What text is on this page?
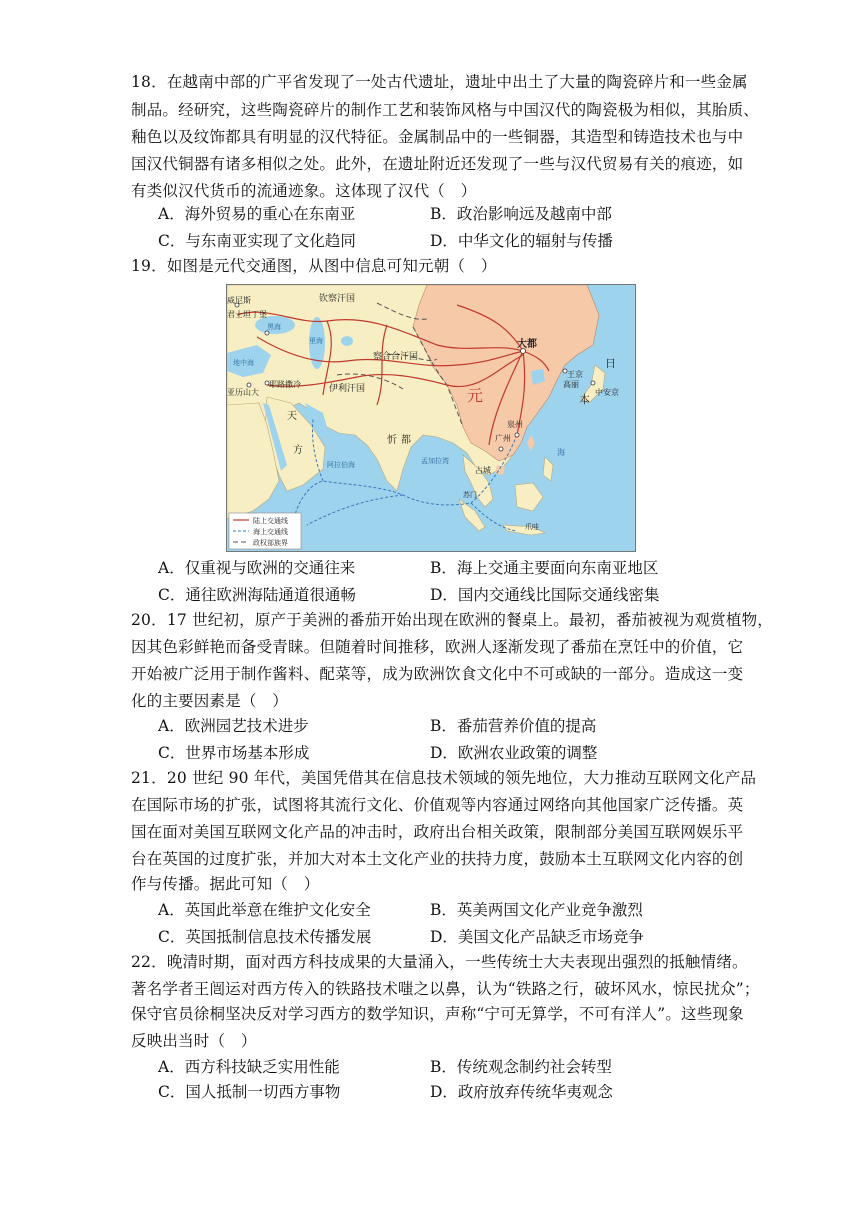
18．在越南中部的广平省发现了一处古代遗址，遗址中出土了大量的陶瓷碎片和一些金属
制品。经研究，这些陶瓷碎片的制作工艺和装饰风格与中国汉代的陶瓷极为相似，其胎质、
釉色以及纹饰都具有明显的汉代特征。金属制品中的一些铜器，其造型和铸造技术也与中
国汉代铜器有诸多相似之处。此外，在遗址附近还发现了一些与汉代贸易有关的痕迹，如
有类似汉代货币的流通迹象。这体现了汉代（　）
A．海外贸易的重心在东南亚	B．政治影响远及越南中部
C．与东南亚实现了文化趋同	D．中华文化的辐射与传播
19．如图是元代交通图，从图中信息可知元朝（　）
威尼斯
君士坦丁堡
亚历山大
耶路撒冷
钦察汗国
察合台汗国
伊利汗国
大都
元
日
本
王京
高丽
中安京
泉州
广州
忻 都
天
方
阿拉伯海	孟加拉湾
占城
苏门
爪哇
地中海
黑海
里海
海
陆上交通线
海上交通线
政权部族界
A．仅重视与欧洲的交通往来	B．海上交通主要面向东南亚地区
C．通往欧洲海陆通道很通畅	D．国内交通线比国际交通线密集
20．17 世纪初，原产于美洲的番茄开始出现在欧洲的餐桌上。最初，番茄被视为观赏植物，
因其色彩鲜艳而备受青睐。但随着时间推移，欧洲人逐渐发现了番茄在烹饪中的价值，它
开始被广泛用于制作酱料、配菜等，成为欧洲饮食文化中不可或缺的一部分。造成这一变
化的主要因素是（　）
A．欧洲园艺技术进步	B．番茄营养价值的提高
C．世界市场基本形成	D．欧洲农业政策的调整
21．20 世纪 90 年代，美国凭借其在信息技术领域的领先地位，大力推动互联网文化产品
在国际市场的扩张，试图将其流行文化、价值观等内容通过网络向其他国家广泛传播。英
国在面对美国互联网文化产品的冲击时，政府出台相关政策，限制部分美国互联网娱乐平
台在英国的过度扩张，并加大对本土文化产业的扶持力度，鼓励本土互联网文化内容的创
作与传播。据此可知（　）
A．英国此举意在维护文化安全	B．英美两国文化产业竞争激烈
C．英国抵制信息技术传播发展	D．美国文化产品缺乏市场竞争
22．晚清时期，面对西方科技成果的大量涌入，一些传统士大夫表现出强烈的抵触情绪。
著名学者王闿运对西方传入的铁路技术嗤之以鼻，认为“铁路之行，破坏风水，惊民扰众”；
保守官员徐桐坚决反对学习西方的数学知识，声称“宁可无算学，不可有洋人”。这些现象
反映出当时（　）
A．西方科技缺乏实用性能	B．传统观念制约社会转型
C．国人抵制一切西方事物	D．政府放弃传统华夷观念
